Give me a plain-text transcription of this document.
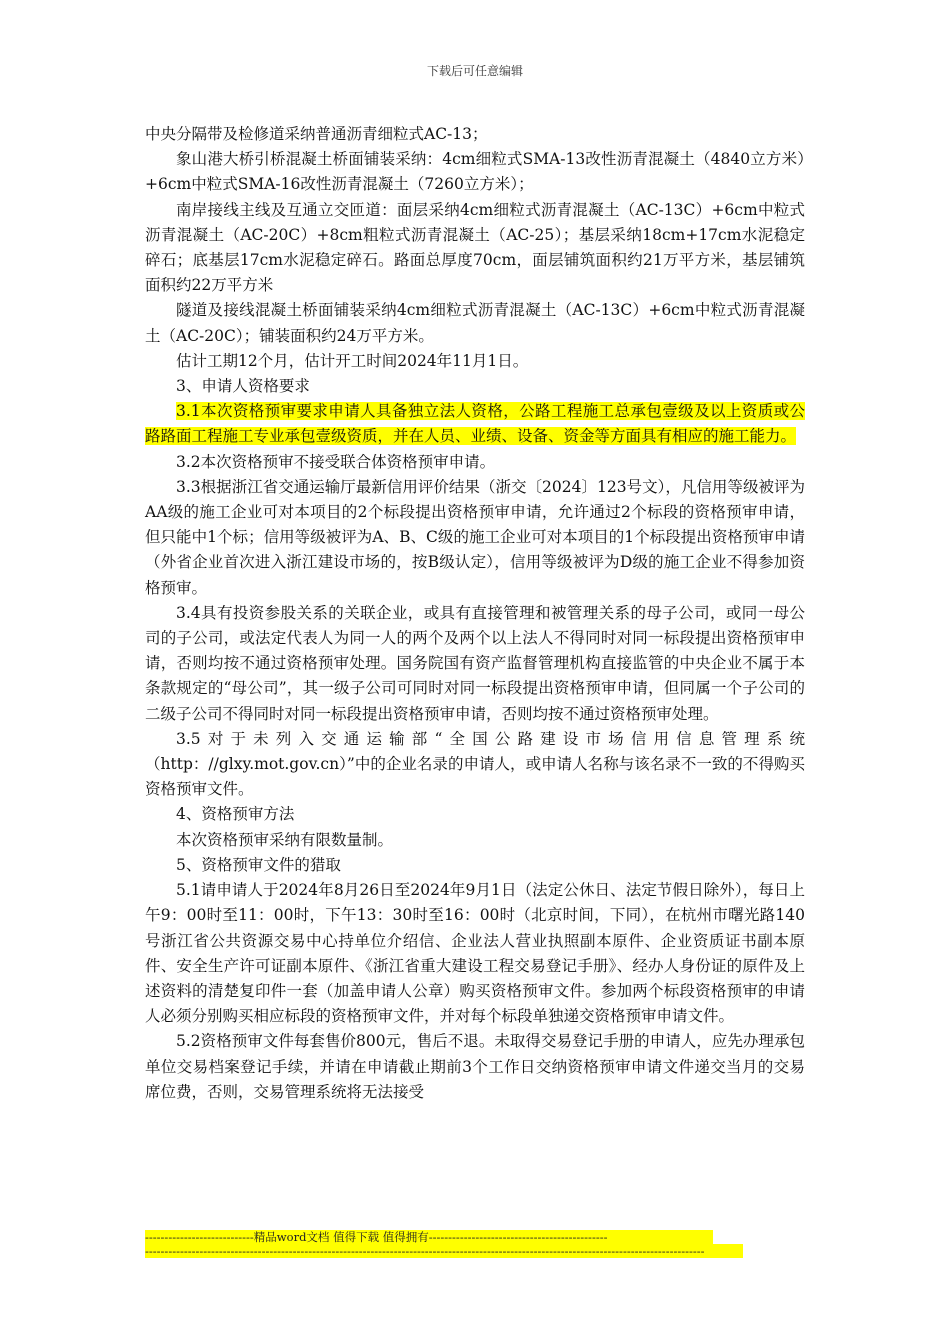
下载后可任意编辑

中央分隔带及检修道采纳普通沥青细粒式AC-13；

象山港大桥引桥混凝土桥面铺装采纳：4cm细粒式SMA-13改性沥青混凝土（4840立方米）+6cm中粒式SMA-16改性沥青混凝土（7260立方米）；

南岸接线主线及互通立交匝道：面层采纳4cm细粒式沥青混凝土（AC-13C）+6cm中粒式沥青混凝土（AC-20C）+8cm粗粒式沥青混凝土（AC-25）；基层采纳18cm+17cm水泥稳定碎石；底基层17cm水泥稳定碎石。路面总厚度70cm，面层铺筑面积约21万平方米，基层铺筑面积约22万平方米

隧道及接线混凝土桥面铺装采纳4cm细粒式沥青混凝土（AC-13C）+6cm中粒式沥青混凝土（AC-20C）；铺装面积约24万平方米。

估计工期12个月，估计开工时间2024年11月1日。

3、申请人资格要求

3.1本次资格预审要求申请人具备独立法人资格，公路工程施工总承包壹级及以上资质或公路路面工程施工专业承包壹级资质，并在人员、业绩、设备、资金等方面具有相应的施工能力。

3.2本次资格预审不接受联合体资格预审申请。

3.3根据浙江省交通运输厅最新信用评价结果（浙交〔2024〕123号文），凡信用等级被评为AA级的施工企业可对本项目的2个标段提出资格预审申请，允许通过2个标段的资格预审申请，但只能中1个标；信用等级被评为A、B、C级的施工企业可对本项目的1个标段提出资格预审申请（外省企业首次进入浙江建设市场的，按B级认定），信用等级被评为D级的施工企业不得参加资格预审。

3.4具有投资参股关系的关联企业，或具有直接管理和被管理关系的母子公司，或同一母公司的子公司，或法定代表人为同一人的两个及两个以上法人不得同时对同一标段提出资格预审申请，否则均按不通过资格预审处理。国务院国有资产监督管理机构直接监管的中央企业不属于本条款规定的“母公司”，其一级子公司可同时对同一标段提出资格预审申请，但同属一个子公司的二级子公司不得同时对同一标段提出资格预审申请，否则均按不通过资格预审处理。

3.5对于未列入交通运输部“全国公路建设市场信用信息管理系统（http：//glxy.mot.gov.cn）”中的企业名录的申请人，或申请人名称与该名录不一致的不得购买资格预审文件。

4、资格预审方法

本次资格预审采纳有限数量制。

5、资格预审文件的猎取

5.1请申请人于2024年8月26日至2024年9月1日（法定公休日、法定节假日除外），每日上午9：00时至11：00时，下午13：30时至16：00时（北京时间，下同），在杭州市曙光路140号浙江省公共资源交易中心持单位介绍信、企业法人营业执照副本原件、企业资质证书副本原件、安全生产许可证副本原件、《浙江省重大建设工程交易登记手册》、经办人身份证的原件及上述资料的清楚复印件一套（加盖申请人公章）购买资格预审文件。参加两个标段资格预审的申请人必须分别购买相应标段的资格预审文件，并对每个标段单独递交资格预审申请文件。

5.2资格预审文件每套售价800元，售后不退。未取得交易登记手册的申请人，应先办理承包单位交易档案登记手续，并请在申请截止期前3个工作日交纳资格预审申请文件递交当月的交易席位费，否则，交易管理系统将无法接受

----------------------------精品word文档 值得下载 值得拥有----------------------------------------------
------------------------------------------------------------------------------------------------------------------------------------------------
